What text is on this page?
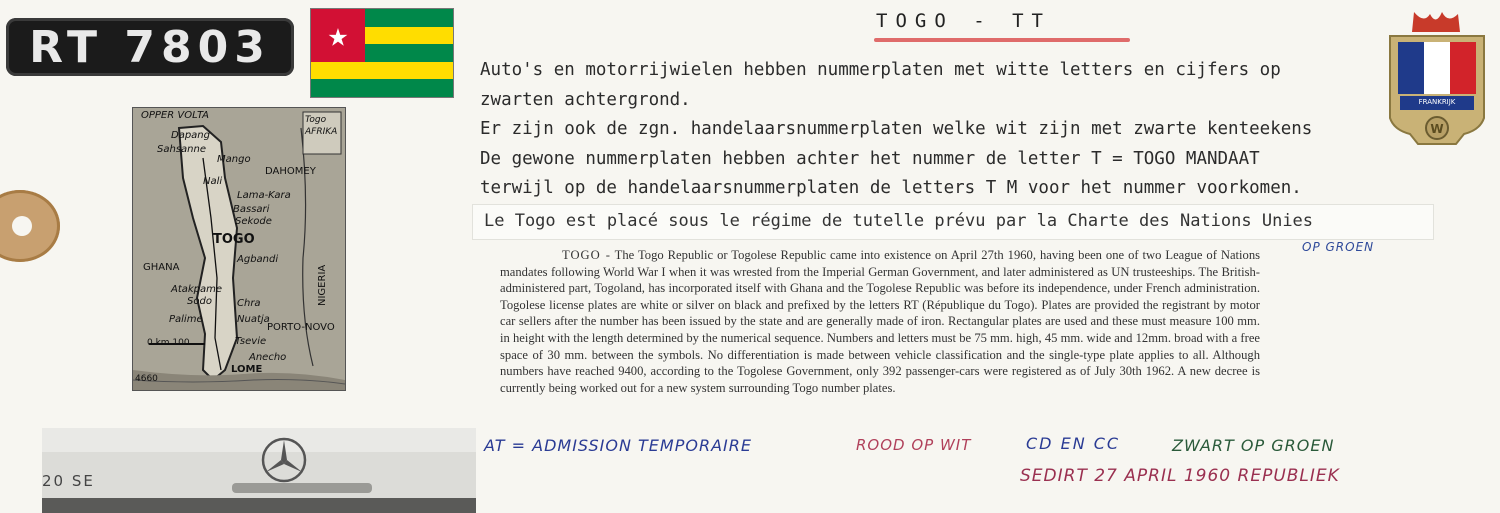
RT 7803	★
OPPER VOLTA	Togo
AFRIKA
Dapang
Sahsanne
Mango
DAHOMEY
Nali
Lama-Kara
Bassari
Sekode
TOGO
Agbandi
GHANA	NIGERIA
Atakpame
Sodo	Chra
Palime	Nuatja
PORTO-NOVO
0 km 100	Tsevie
Anecho
LOME
4660
W
FRANKRIJK
TOGO - TT
Auto's en motorrijwielen hebben nummerplaten met witte letters en cijfers op
zwarten achtergrond.
Er zijn ook de zgn. handelaarsnummerplaten welke wit zijn met zwarte kenteekens
De gewone nummerplaten hebben achter het nummer de letter T = TOGO MANDAAT
terwijl op de handelaarsnummerplaten de letters T M voor het nummer voorkomen.
Le Togo est placé sous le régime de tutelle prévu par la Charte des Nations Unies
OP GROEN
TOGO - The Togo Republic or Togolese Republic came into existence on April 27th 1960, having been one of two League of Nations mandates following World War I when it was wrested from the Imperial German Government, and later administered as UN trusteeships. The British-administered part, Togoland, has incorporated itself with Ghana and the Togolese Republic was before its independence, under French administration. Togolese license plates are white or silver on black and prefixed by the letters RT (République du Togo). Plates are provided the registrant by motor car sellers after the number has been issued by the state and are generally made of iron. Rectangular plates are used and these must measure 100 mm. in height with the length determined by the numerical sequence. Numbers and letters must be 75 mm. high, 45 mm. wide and 12mm. broad with a free space of 30 mm. between the symbols. No differentiation is made between vehicle classification and the single-type plate applies to all. Although numbers have reached 9400, according to the Togolese Government, only 392 passenger-cars were registered as of July 30th 1962. A new decree is currently being worked out for a new system surrounding Togo number plates.
AT = ADMISSION TEMPORAIRE	ROOD OP WIT	CD EN CC	ZWART OP GROEN
SEDIRT 27 APRIL 1960 REPUBLIEK
20 SE
